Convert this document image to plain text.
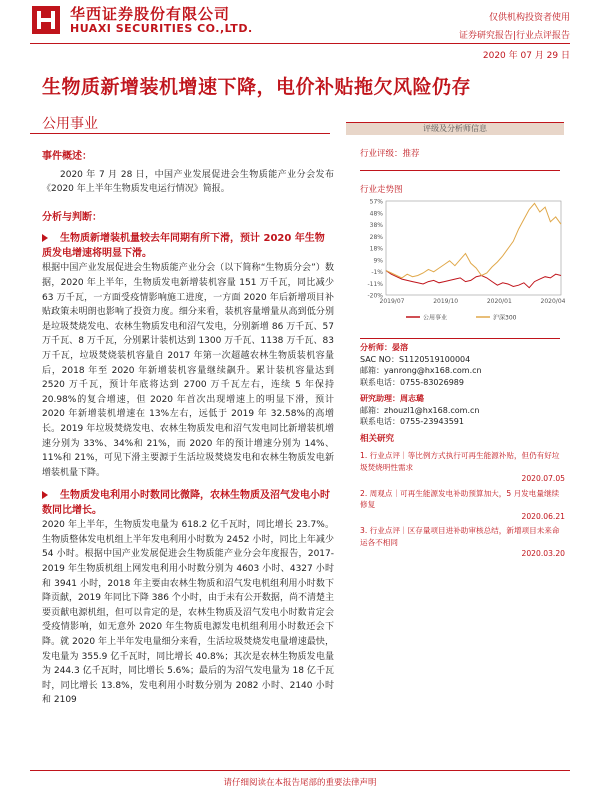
华西证券股份有限公司
HUAXI SECURITIES CO.,LTD.
仅供机构投资者使用
证券研究报告|行业点评报告
2020 年 07 月 29 日
生物质新增装机增速下降，电价补贴拖欠风险仍存
公用事业
事件概述：

2020 年 7 月 28 日，中国产业发展促进会生物质能产业分会发布《2020 年上半年生物质发电运行情况》简报。

分析与判断：
生物质新增装机量较去年同期有所下滑，预计 2020 年生物质发电增速将明显下滑。

根据中国产业发展促进会生物质能产业分会（以下简称“生物质分会”）数据，2020 年上半年，生物质发电新增装机容量 151 万千瓦，同比减少 63 万千瓦，一方面受疫情影响施工进度，一方面 2020 年后新增项目补贴政策未明朗也影响了投资力度。细分来看，装机容量增量从高到低分别是垃圾焚烧发电、农林生物质发电和沼气发电，分别新增 86 万千瓦、57 万千瓦、8 万千瓦，分别累计装机达到 1300 万千瓦、1138 万千瓦、83 万千瓦，垃圾焚烧装机容量自 2017 年第一次超越农林生物质装机容量后，2018 年至 2020 年新增装机容量继续飙升。累计装机容量达到 2520 万千瓦，预计年底将达到 2700 万千瓦左右，连续 5 年保持 20.98%的复合增速，但 2020 年首次出现增速上的明显下滑，预计 2020 年新增装机增速在 13%左右，远低于 2019 年 32.58%的高增长。2019 年垃圾焚烧发电、农林生物质发电和沼气发电同比新增装机增速分别为 33%、34%和 21%，而 2020 年的预计增速分别为 14%、11%和 21%，可见下滑主要源于生活垃圾焚烧发电和农林生物质发电新增装机量下降。

生物质发电利用小时数同比微降，农林生物质及沼气发电小时数同比增长。

2020 年上半年，生物质发电量为 618.2 亿千瓦时，同比增长 23.7%。生物质整体发电机组上半年发电利用小时数为 2452 小时，同比上年减少 54 小时。根据中国产业发展促进会生物质能产业分会年度报告，2017-2019 年生物质机组上网发电利用小时数分别为 4603 小时、4327 小时和 3941 小时，2018 年主要由农林生物质和沼气发电机组利用小时数下降贡献，2019 年同比下降 386 个小时，由于未有公开数据，尚不清楚主要贡献电源机组，但可以肯定的是，农林生物质及沼气发电小时数肯定会受疫情影响，如无意外 2020 年生物质电源发电机组利用小时数还会下降。就 2020 年上半年发电量细分来看，生活垃圾焚烧发电量增速最快，发电量为 355.9 亿千瓦时，同比增长 40.8%；其次是农林生物质发电量为 244.3 亿千瓦时，同比增长 5.6%；最后的为沼气发电量为 18 亿千瓦时，同比增长 13.8%，发电利用小时数分别为 2082 小时、2140 小时和 2109

评级及分析师信息
行业评级：推荐
行业走势图
-20%
-11%
-1%
9%
18%
28%
38%
48%
57%
2019/07	2019/10	2020/01	2020/04
公用事业	沪深300
分析师：晏溶
SAC NO：S1120519100004
邮箱：yanrong@hx168.com.cn
联系电话：0755-83026989
研究助理：周志璐
邮箱：zhouzl1@hx168.com.cn
联系电话：0755-23943591
相关研究
1. 行业点评｜等比例方式执行可再生能源补贴，但仍有好垃圾焚烧明性需求
2020.07.05
2. 周观点｜可再生能源发电补助预算加大，5 月发电量继续修复
2020.06.21
3. 行业点评｜区存量项目进补助审核总结，新增项目未来命运各不相同
2020.03.20
请仔细阅读在本报告尾部的重要法律声明
